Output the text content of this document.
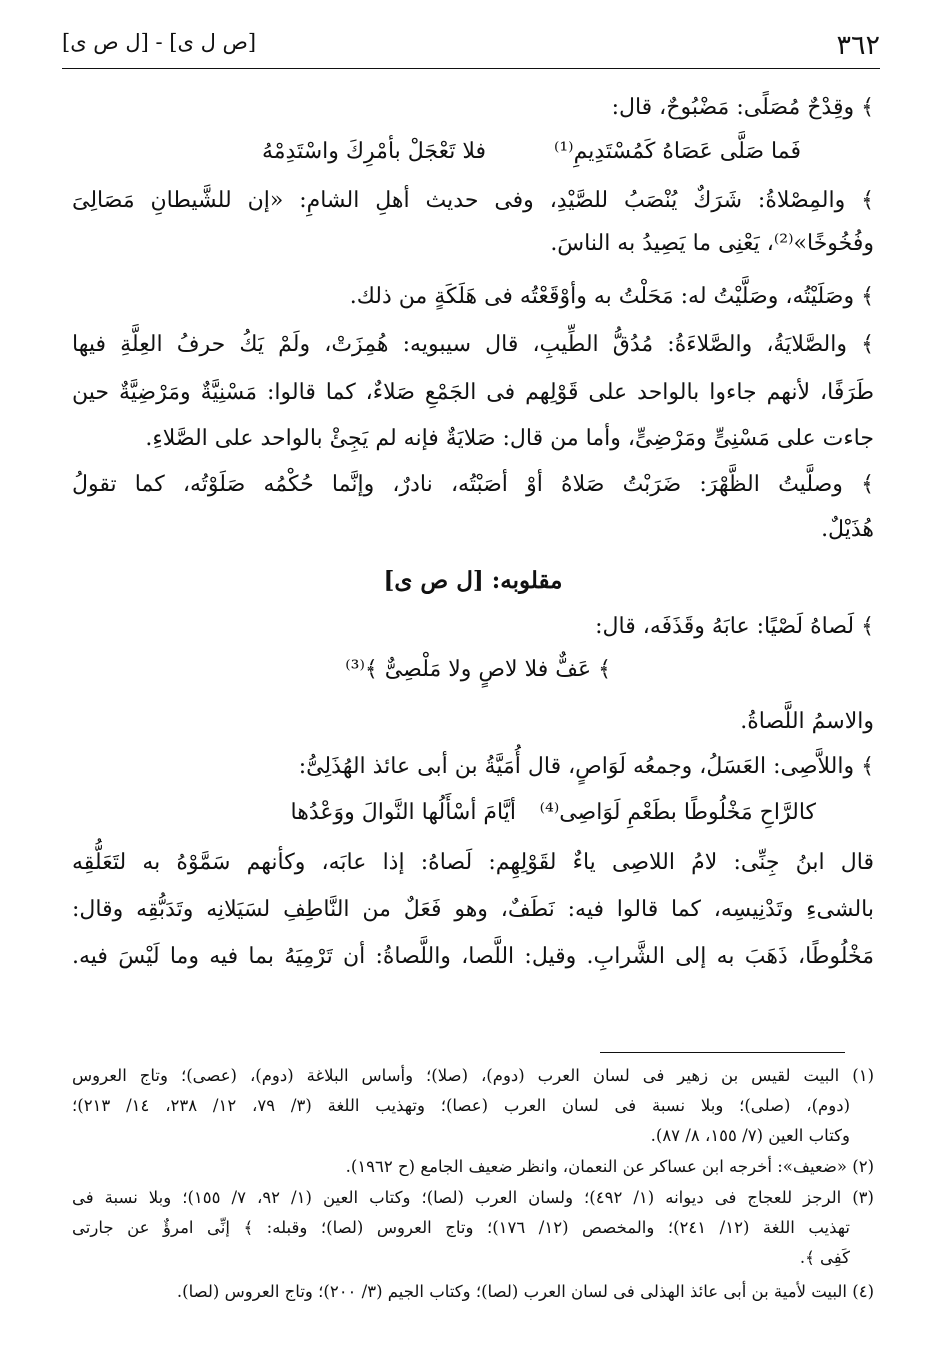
٣٦٢
[ص ل ى] - [ل ص ى]
﴾ وقِدْحٌ مُصَلًى: مَضْبُوحٌ، قال:
فلا تَعْجَلْ بأمْرِكَ واسْتَدِمْهُ	فَما صَلَّى عَصَاهُ كَمُسْتَدِيمِ⁽¹⁾
﴾ والمِصْلاةُ: شَرَكٌ يُنْصَبُ للصَّيْدِ، وفى حديث أهلِ الشامِ: «إن للشَّيطانِ مَصَالِىَ
وفُخُوخًا»⁽²⁾، يَعْنِى ما يَصِيدُ به الناسَ.
﴾ وصَلَيْتُه، وصَلَّيْتُ له: مَحَلْتُ به وأوْقَعْتُه فى هَلَكَةٍ من ذلك.
﴾ والصَّلايَةُ، والصَّلاءَةُ: مُدُقُّ الطِّيبِ، قال سيبويه: هُمِزَتْ، ولَمْ يَكُ حرفُ العِلَّةِ فيها
طَرَفًا، لأنهم جاءوا بالواحد على قَوْلِهم فى الجَمْعِ صَلاءٌ، كما قالوا: مَسْنِيَّةٌ ومَرْضِيَّةٌ حين
جاءت على مَسْنِىٍّ ومَرْضِىٍّ، وأما من قال: صَلايَةٌ فإنه لم يَجِئْ بالواحد على الصَّلاءِ.
﴾ وصلَّيتُ الظَّهْرَ: ضَرَبْتُ صَلاهُ أوْ أصَبْتُه، نادرٌ، وإنَّما حُكْمُه صَلَوْتُه، كما تقولُ
هُذَيْلٌ.
مقلوبه: [ل ص ى]
﴾ لَصاهُ لَصْيًا: عابَهُ وقَذَفَه، قال:
﴾ عَفٌّ فلا لاصٍ ولا مَلْصِىٌّ ﴾⁽³⁾
والاسمُ اللَّصاةُ.
﴾ واللاَّصِى: العَسَلُ، وجمعُه لَوَاصٍ، قال أُمَيَّةُ بن أبى عائذ الهُذَلِىُّ:
أيَّامَ أسْأَلُها النَّوالَ ووَعْدُها كالرَّاحِ مَخْلُوطًا بطَعْمِ لَوَاصِى⁽⁴⁾
قال ابنُ جِنِّى: لامُ اللاصِى ياءٌ لقَوْلِهِم: لَصاهُ: إذا عابَه، وكأنهم سَمَّوْهُ به لتَعَلُّقِه
بالشىءِ وتَدْنِيسِه، كما قالوا فيه: نَطَفٌ، وهو فَعَلٌ من النَّاطِفِ لسَيَلانِه وتَدَبُّقِه وقال:
مَخْلُوطًا، ذَهَبَ به إلى الشَّرابِ. وقيل: اللَّصا، واللَّصاةُ: أن تَرْمِيَهُ بما فيه وما لَيْسَ فيه.
(١) البيت لقيس بن زهير فى لسان العرب (دوم)، (صلا)؛ وأساس البلاغة (دوم)، (عصى)؛ وتاج العروس
(دوم)، (صلى)؛ وبلا نسبة فى لسان العرب (عصا)؛ وتهذيب اللغة (٣/ ٧٩، ١٢/ ٢٣٨، ١٤/ ٢١٣)؛
وكتاب العين (٧/ ١٥٥، ٨/ ٨٧).
(٢) «ضعيف»: أخرجه ابن عساكر عن النعمان، وانظر ضعيف الجامع (ح ١٩٦٢).
(٣) الرجز للعجاج فى ديوانه (١/ ٤٩٢)؛ ولسان العرب (لصا)؛ وكتاب العين (١/ ٩٢، ٧/ ١٥٥)؛ وبلا نسبة فى
تهذيب اللغة (١٢/ ٢٤١)؛ والمخصص (١٢/ ١٧٦)؛ وتاج العروس (لصا)؛ وقبله: ﴾ إنِّى امرؤٌ عن جارتى
كَفِى ﴾.
(٤) البيت لأمية بن أبى عائذ الهذلى فى لسان العرب (لصا)؛ وكتاب الجيم (٣/ ٢٠٠)؛ وتاج العروس (لصا).
